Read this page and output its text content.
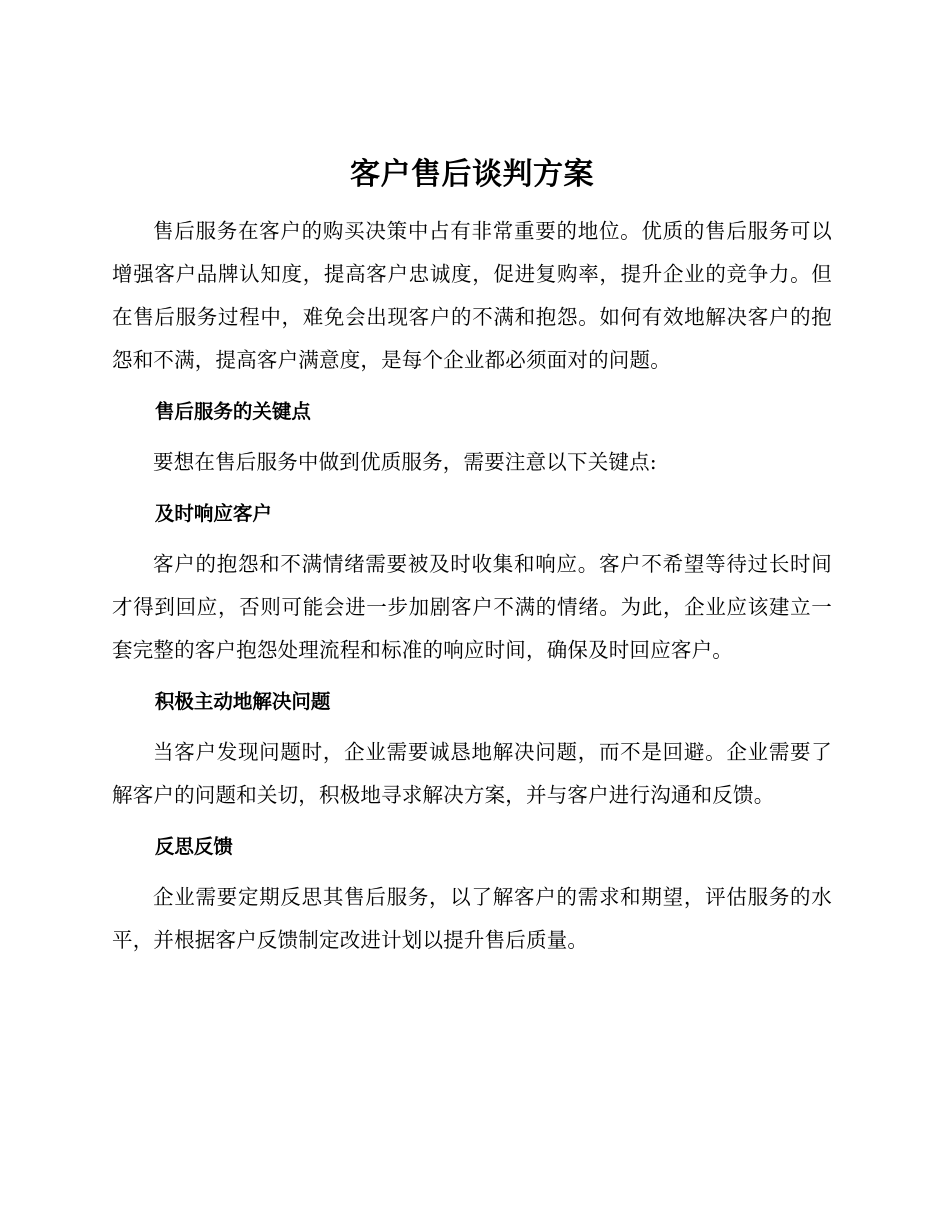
客户售后谈判方案

售后服务在客户的购买决策中占有非常重要的地位。优质的售后服务可以增强客户品牌认知度，提高客户忠诚度，促进复购率，提升企业的竞争力。但在售后服务过程中，难免会出现客户的不满和抱怨。如何有效地解决客户的抱怨和不满，提高客户满意度，是每个企业都必须面对的问题。

售后服务的关键点

要想在售后服务中做到优质服务，需要注意以下关键点:

及时响应客户

客户的抱怨和不满情绪需要被及时收集和响应。客户不希望等待过长时间才得到回应，否则可能会进一步加剧客户不满的情绪。为此，企业应该建立一套完整的客户抱怨处理流程和标准的响应时间，确保及时回应客户。

积极主动地解决问题

当客户发现问题时，企业需要诚恳地解决问题，而不是回避。企业需要了解客户的问题和关切，积极地寻求解决方案，并与客户进行沟通和反馈。

反思反馈

企业需要定期反思其售后服务，以了解客户的需求和期望，评估服务的水平，并根据客户反馈制定改进计划以提升售后质量。
